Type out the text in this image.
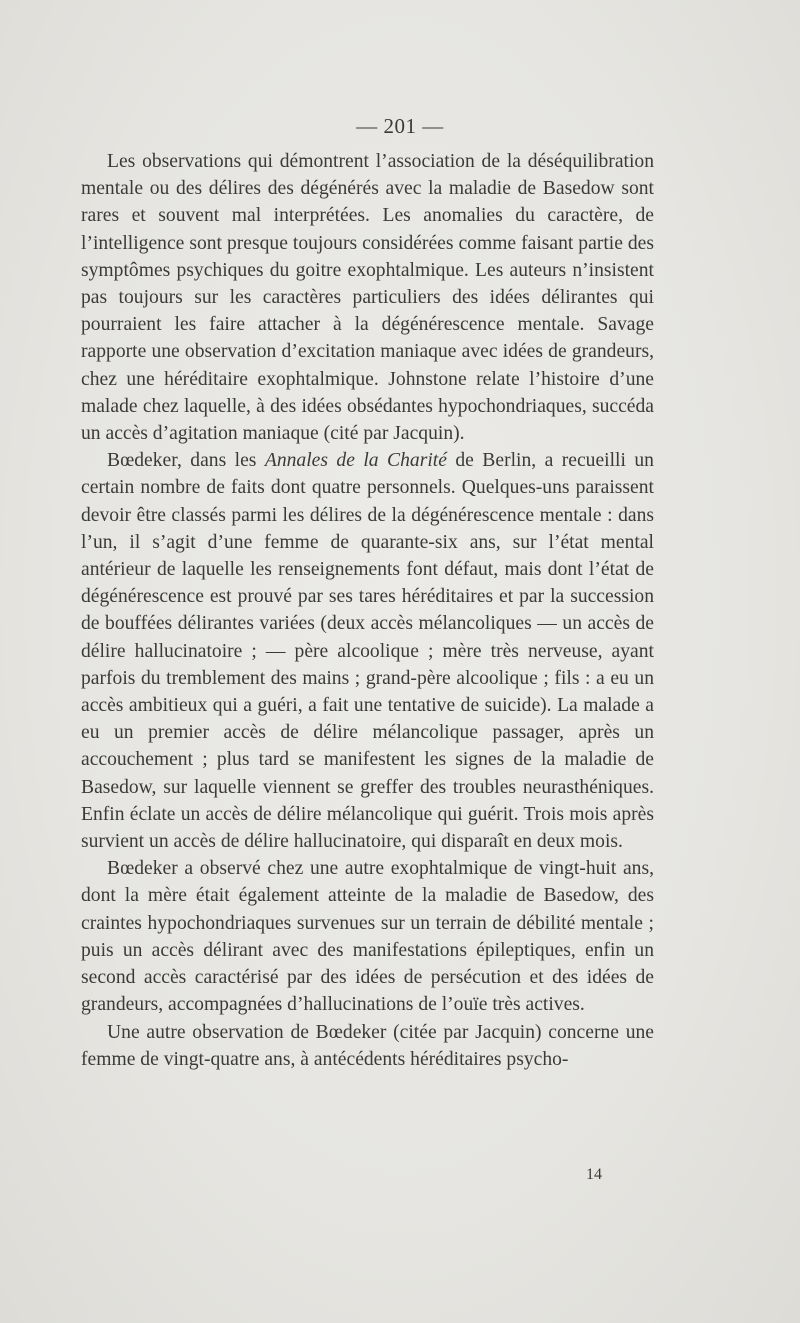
— 201 —

Les observations qui démontrent l’association de la déséquilibration mentale ou des délires des dégénérés avec la maladie de Basedow sont rares et souvent mal interprétées. Les anomalies du caractère, de l’intelligence sont presque toujours considérées comme faisant partie des symptômes psychiques du goitre exophtalmique. Les auteurs n’insistent pas toujours sur les caractères particuliers des idées délirantes qui pourraient les faire attacher à la dégénérescence mentale. Savage rapporte une observation d’excitation maniaque avec idées de grandeurs, chez une héréditaire exophtalmique. Johnstone relate l’histoire d’une malade chez laquelle, à des idées obsédantes hypochondriaques, succéda un accès d’agitation maniaque (cité par Jacquin).

Bœdeker, dans les Annales de la Charité de Berlin, a recueilli un certain nombre de faits dont quatre personnels. Quelques-uns paraissent devoir être classés parmi les délires de la dégénérescence mentale : dans l’un, il s’agit d’une femme de quarante-six ans, sur l’état mental antérieur de laquelle les renseignements font défaut, mais dont l’état de dégénérescence est prouvé par ses tares héréditaires et par la succession de bouffées délirantes variées (deux accès mélancoliques — un accès de délire hallucinatoire ; — père alcoolique ; mère très nerveuse, ayant parfois du tremblement des mains ; grand-père alcoolique ; fils : a eu un accès ambitieux qui a guéri, a fait une tentative de suicide). La malade a eu un premier accès de délire mélancolique passager, après un accouchement ; plus tard se manifestent les signes de la maladie de Basedow, sur laquelle viennent se greffer des troubles neurasthéniques. Enfin éclate un accès de délire mélancolique qui guérit. Trois mois après survient un accès de délire hallucinatoire, qui disparaît en deux mois.

Bœdeker a observé chez une autre exophtalmique de vingt-huit ans, dont la mère était également atteinte de la maladie de Basedow, des craintes hypochondriaques survenues sur un terrain de débilité mentale ; puis un accès délirant avec des manifestations épileptiques, enfin un second accès caractérisé par des idées de persécution et des idées de grandeurs, accompagnées d’hallucinations de l’ouïe très actives.

Une autre observation de Bœdeker (citée par Jacquin) concerne une femme de vingt-quatre ans, à antécédents héréditaires psycho-

14
